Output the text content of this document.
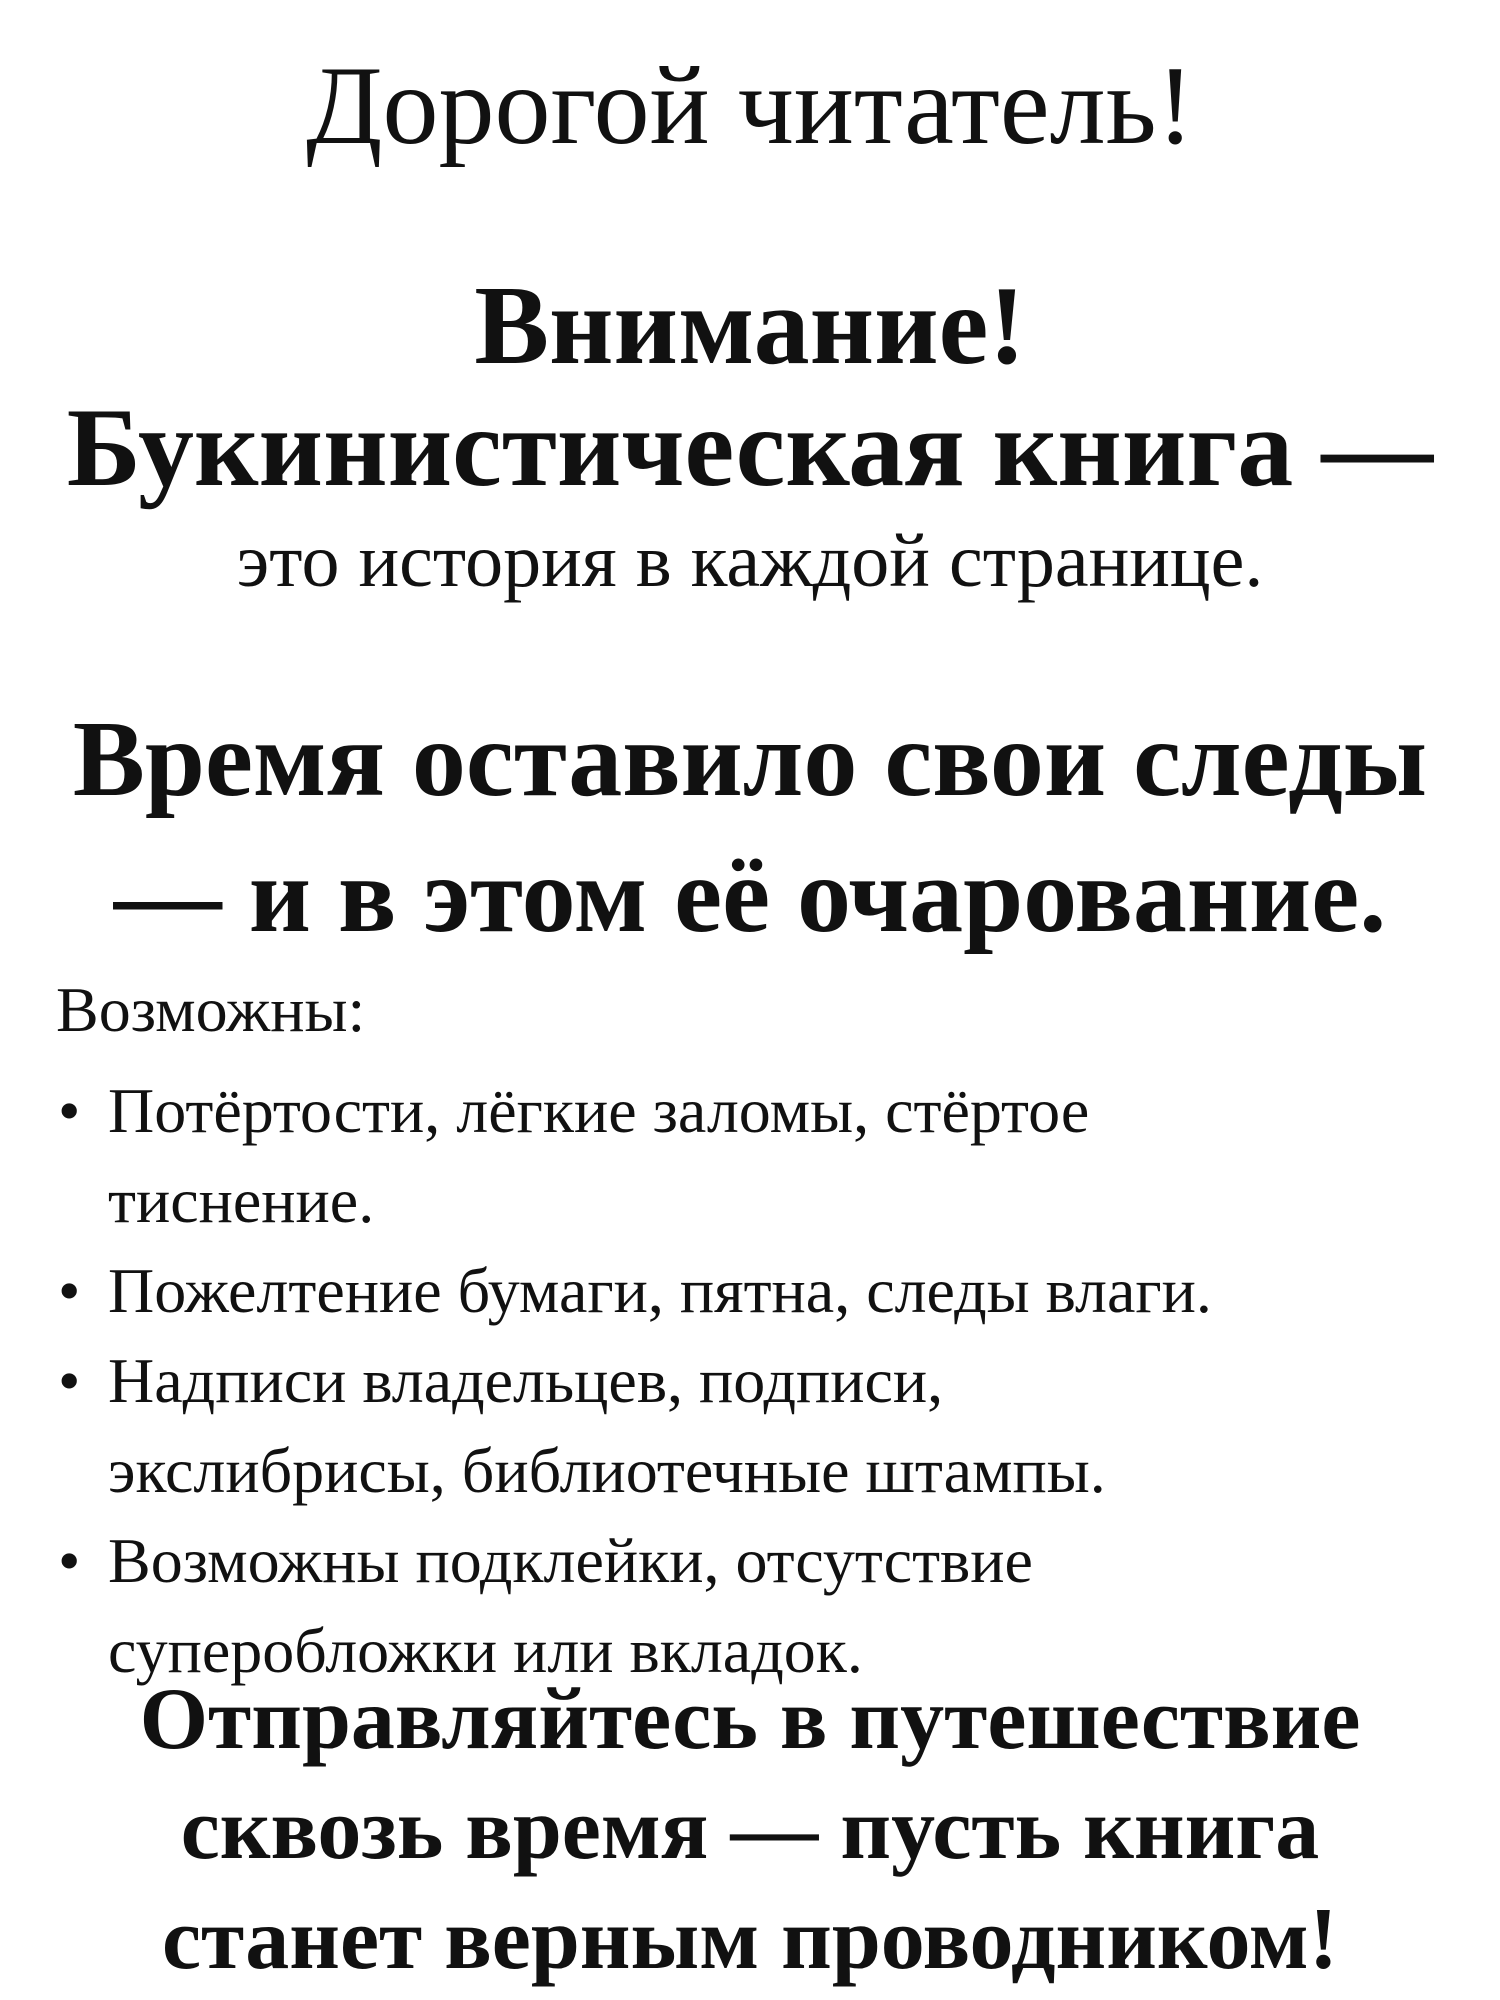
Дорогой читатель!
Внимание!
Букинистическая книга —
это история в каждой странице.
Время оставило свои следы
— и в этом её очарование.
Возможны:
• Потёртости, лёгкие заломы, стёртое
тиснение.
• Пожелтение бумаги, пятна, следы влаги.
• Надписи владельцев, подписи,
экслибрисы, библиотечные штампы.
• Возможны подклейки, отсутствие
суперобложки или вкладок.
Отправляйтесь в путешествие
сквозь время — пусть книга
станет верным проводником!
